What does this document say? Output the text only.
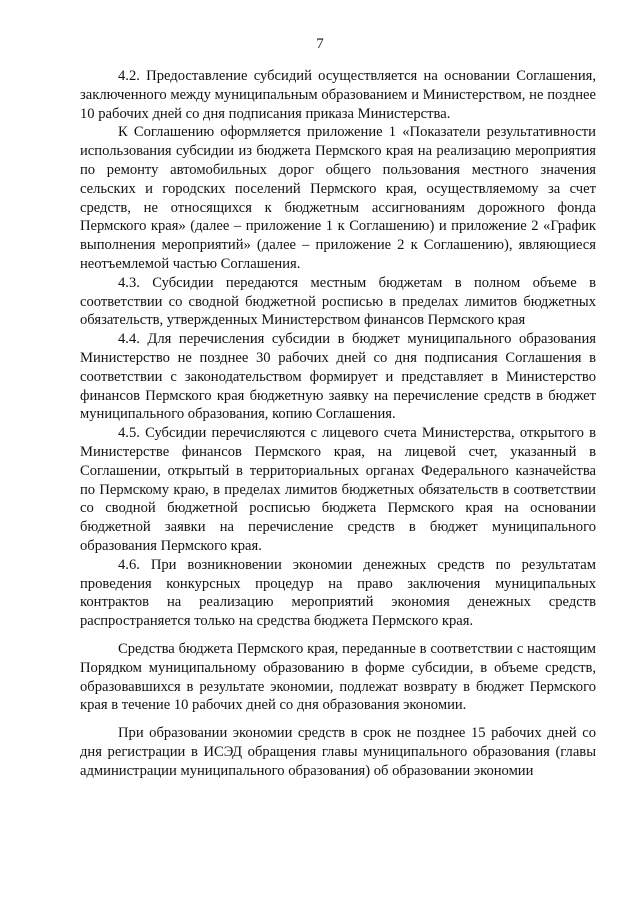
7

4.2. Предоставление субсидий осуществляется на основании Соглашения, заключенного между муниципальным образованием и Министерством, не позднее 10 рабочих дней со дня подписания приказа Министерства.

К Соглашению оформляется приложение 1 «Показатели результативности использования субсидии из бюджета Пермского края на реализацию мероприятия по ремонту автомобильных дорог общего пользования местного значения сельских и городских поселений Пермского края, осуществляемому за счет средств, не относящихся к бюджетным ассигнованиям дорожного фонда Пермского края» (далее – приложение 1 к Соглашению) и приложение 2 «График выполнения мероприятий» (далее – приложение 2 к Соглашению), являющиеся неотъемлемой частью Соглашения.

4.3. Субсидии передаются местным бюджетам в полном объеме в соответствии со сводной бюджетной росписью в пределах лимитов бюджетных обязательств, утвержденных Министерством финансов Пермского края

4.4. Для перечисления субсидии в бюджет муниципального образования Министерство не позднее 30 рабочих дней со дня подписания Соглашения в соответствии с законодательством формирует и представляет в Министерство финансов Пермского края бюджетную заявку на перечисление средств в бюджет муниципального образования, копию Соглашения.

4.5. Субсидии перечисляются с лицевого счета Министерства, открытого в Министерстве финансов Пермского края, на лицевой счет, указанный в Соглашении, открытый в территориальных органах Федерального казначейства по Пермскому краю, в пределах лимитов бюджетных обязательств в соответствии со сводной бюджетной росписью бюджета Пермского края на основании бюджетной заявки на перечисление средств в бюджет муниципального образования Пермского края.

4.6. При возникновении экономии денежных средств по результатам проведения конкурсных процедур на право заключения муниципальных контрактов на реализацию мероприятий экономия денежных средств распространяется только на средства бюджета Пермского края.

Средства бюджета Пермского края, переданные в соответствии с настоящим Порядком муниципальному образованию в форме субсидии, в объеме средств, образовавшихся в результате экономии, подлежат возврату в бюджет Пермского края в течение 10 рабочих дней со дня образования экономии.

При образовании экономии средств в срок не позднее 15 рабочих дней со дня регистрации в ИСЭД обращения главы муниципального образования (главы администрации муниципального образования) об образовании экономии
